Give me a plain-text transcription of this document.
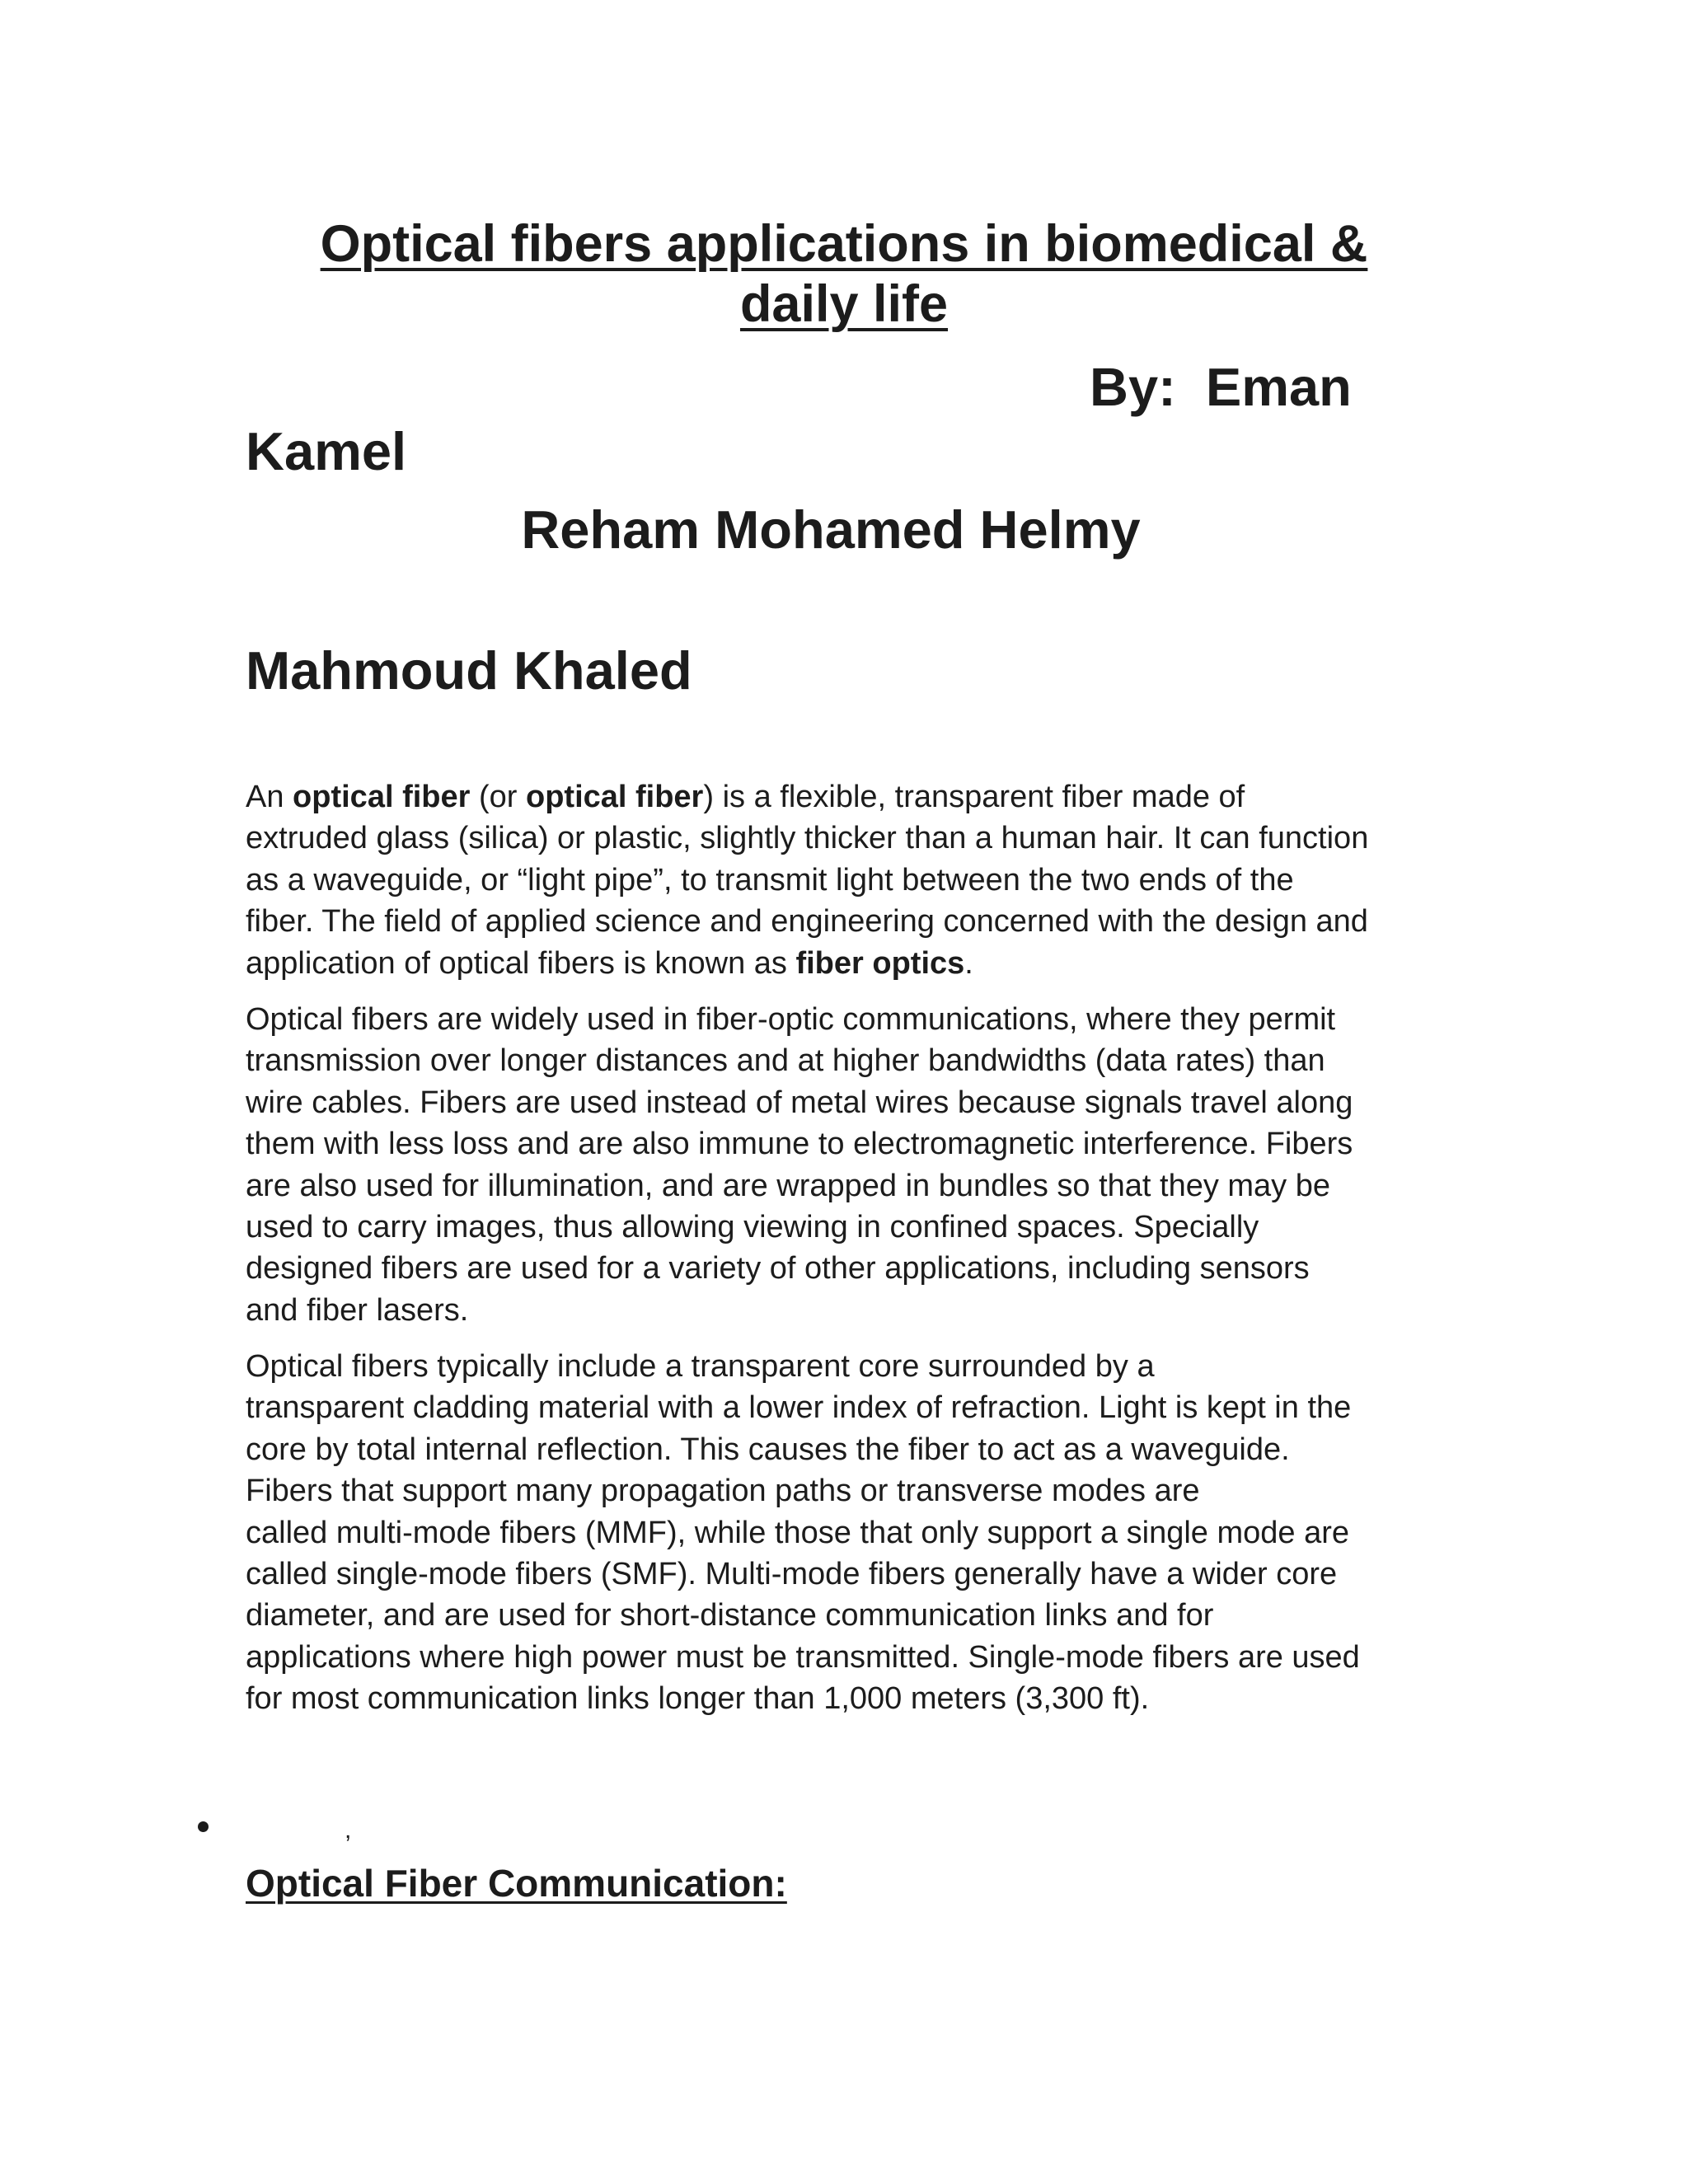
Optical fibers applications in biomedical &
daily life
By: Eman
Kamel
Reham Mohamed Helmy
Mahmoud Khaled
An optical fiber (or optical fiber) is a flexible, transparent fiber made of
extruded glass (silica) or plastic, slightly thicker than a human hair. It can function
as a waveguide, or “light pipe”, to transmit light between the two ends of the
fiber. The field of applied science and engineering concerned with the design and
application of optical fibers is known as fiber optics.
Optical fibers are widely used in fiber-optic communications, where they permit
transmission over longer distances and at higher bandwidths (data rates) than
wire cables. Fibers are used instead of metal wires because signals travel along
them with less loss and are also immune to electromagnetic interference. Fibers
are also used for illumination, and are wrapped in bundles so that they may be
used to carry images, thus allowing viewing in confined spaces. Specially
designed fibers are used for a variety of other applications, including sensors
and fiber lasers.
Optical fibers typically include a transparent core surrounded by a
transparent cladding material with a lower index of refraction. Light is kept in the
core by total internal reflection. This causes the fiber to act as a waveguide.
Fibers that support many propagation paths or transverse modes are
called multi-mode fibers (MMF), while those that only support a single mode are
called single-mode fibers (SMF). Multi-mode fibers generally have a wider core
diameter, and are used for short-distance communication links and for
applications where high power must be transmitted. Single-mode fibers are used
for most communication links longer than 1,000 meters (3,300 ft).
,
Optical Fiber Communication:
